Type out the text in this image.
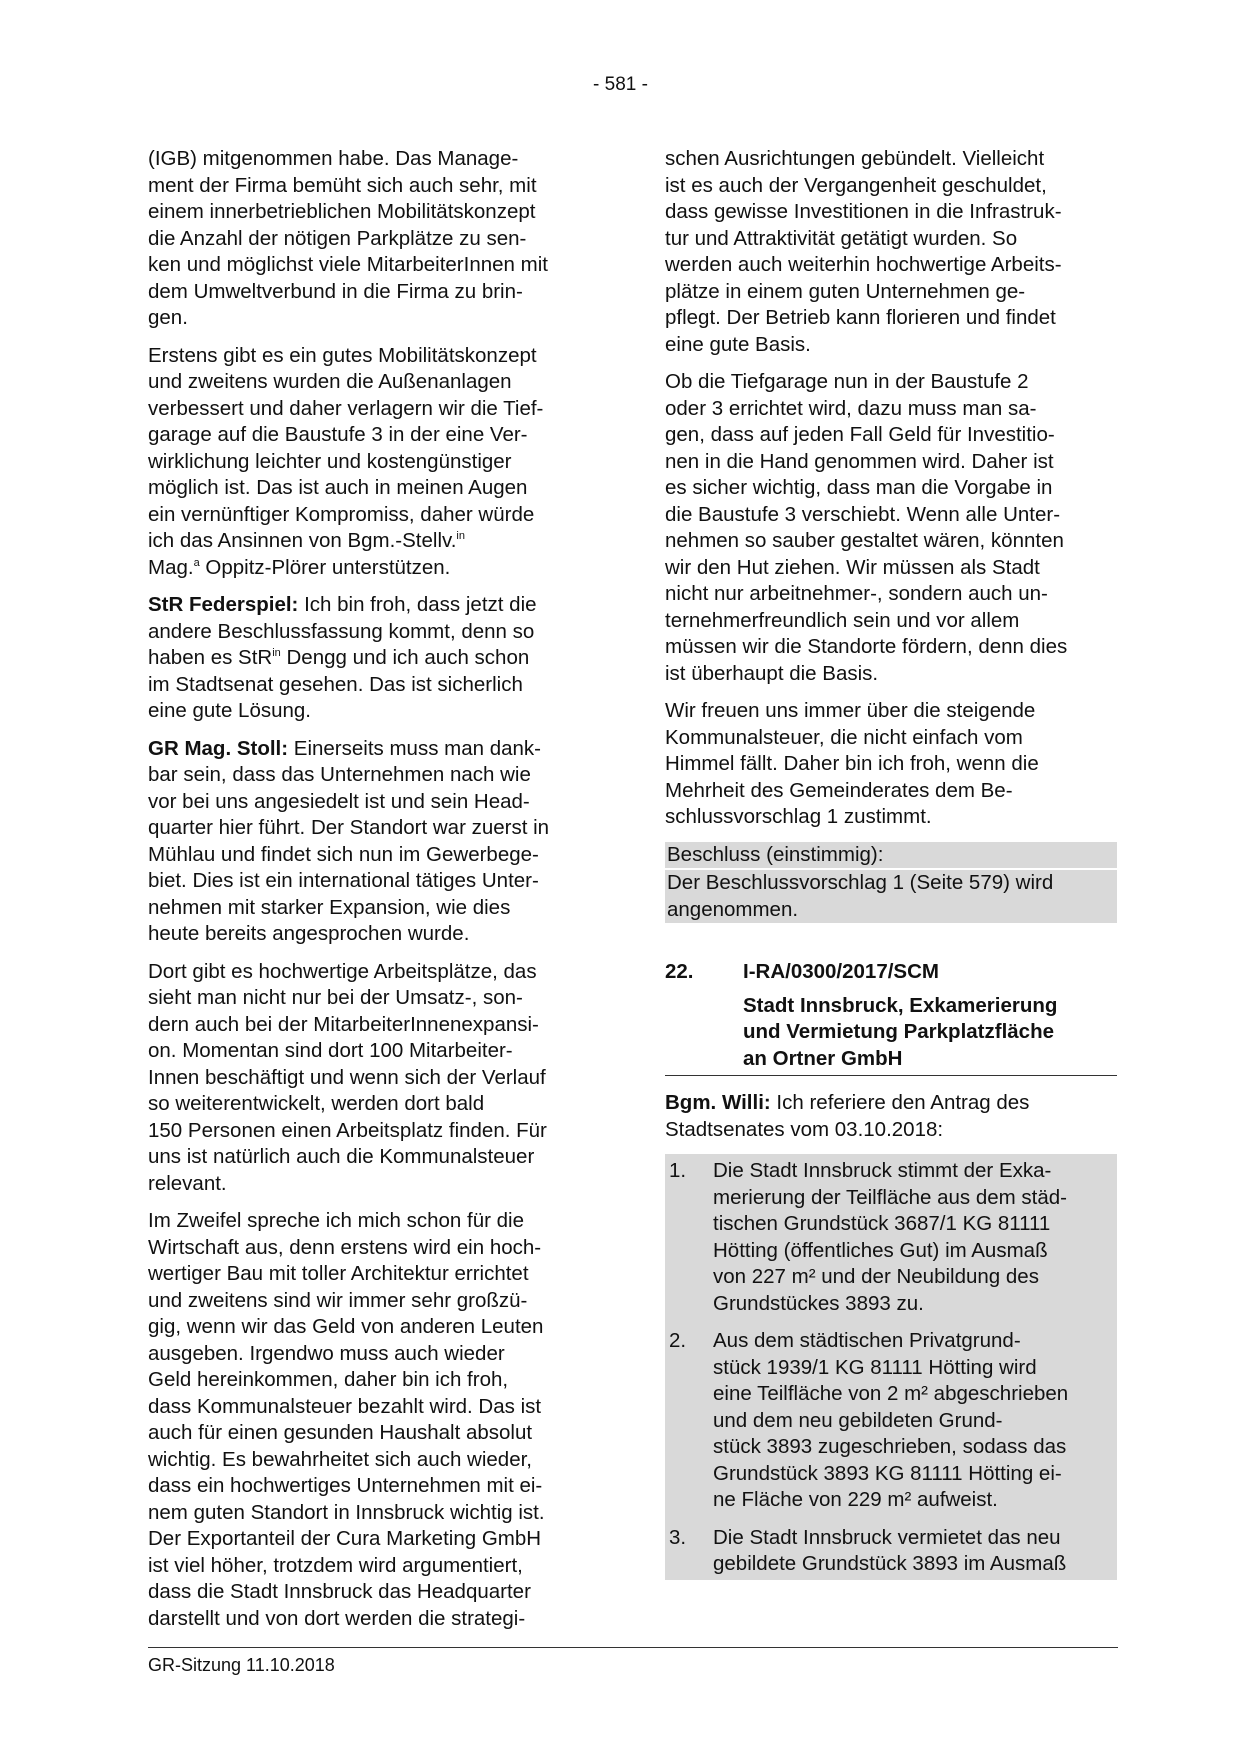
- 581 -
(IGB) mitgenommen habe. Das Manage-
ment der Firma bemüht sich auch sehr, mit
einem innerbetrieblichen Mobilitätskonzept
die Anzahl der nötigen Parkplätze zu sen-
ken und möglichst viele MitarbeiterInnen mit
dem Umweltverbund in die Firma zu brin-
gen.
Erstens gibt es ein gutes Mobilitätskonzept
und zweitens wurden die Außenanlagen
verbessert und daher verlagern wir die Tief-
garage auf die Baustufe 3 in der eine Ver-
wirklichung leichter und kostengünstiger
möglich ist. Das ist auch in meinen Augen
ein vernünftiger Kompromiss, daher würde
ich das Ansinnen von Bgm.-Stellv.$^{in}$
Mag.$^a$ Oppitz-Plörer unterstützen.
StR Federspiel: Ich bin froh, dass jetzt die
andere Beschlussfassung kommt, denn so
haben es StR$^{in}$ Dengg und ich auch schon
im Stadtsenat gesehen. Das ist sicherlich
eine gute Lösung.
GR Mag. Stoll: Einerseits muss man dank-
bar sein, dass das Unternehmen nach wie
vor bei uns angesiedelt ist und sein Head-
quarter hier führt. Der Standort war zuerst in
Mühlau und findet sich nun im Gewerbege-
biet. Dies ist ein international tätiges Unter-
nehmen mit starker Expansion, wie dies
heute bereits angesprochen wurde.
Dort gibt es hochwertige Arbeitsplätze, das
sieht man nicht nur bei der Umsatz-, son-
dern auch bei der MitarbeiterInnenexpansi-
on. Momentan sind dort 100 Mitarbeiter-
Innen beschäftigt und wenn sich der Verlauf
so weiterentwickelt, werden dort bald
150 Personen einen Arbeitsplatz finden. Für
uns ist natürlich auch die Kommunalsteuer
relevant.
Im Zweifel spreche ich mich schon für die
Wirtschaft aus, denn erstens wird ein hoch-
wertiger Bau mit toller Architektur errichtet
und zweitens sind wir immer sehr großzü-
gig, wenn wir das Geld von anderen Leuten
ausgeben. Irgendwo muss auch wieder
Geld hereinkommen, daher bin ich froh,
dass Kommunalsteuer bezahlt wird. Das ist
auch für einen gesunden Haushalt absolut
wichtig. Es bewahrheitet sich auch wieder,
dass ein hochwertiges Unternehmen mit ei-
nem guten Standort in Innsbruck wichtig ist.
Der Exportanteil der Cura Marketing GmbH
ist viel höher, trotzdem wird argumentiert,
dass die Stadt Innsbruck das Headquarter
darstellt und von dort werden die strategi-
schen Ausrichtungen gebündelt. Vielleicht
ist es auch der Vergangenheit geschuldet,
dass gewisse Investitionen in die Infrastruk-
tur und Attraktivität getätigt wurden. So
werden auch weiterhin hochwertige Arbeits-
plätze in einem guten Unternehmen ge-
pflegt. Der Betrieb kann florieren und findet
eine gute Basis.
Ob die Tiefgarage nun in der Baustufe 2
oder 3 errichtet wird, dazu muss man sa-
gen, dass auf jeden Fall Geld für Investitio-
nen in die Hand genommen wird. Daher ist
es sicher wichtig, dass man die Vorgabe in
die Baustufe 3 verschiebt. Wenn alle Unter-
nehmen so sauber gestaltet wären, könnten
wir den Hut ziehen. Wir müssen als Stadt
nicht nur arbeitnehmer-, sondern auch un-
ternehmerfreundlich sein und vor allem
müssen wir die Standorte fördern, denn dies
ist überhaupt die Basis.
Wir freuen uns immer über die steigende
Kommunalsteuer, die nicht einfach vom
Himmel fällt. Daher bin ich froh, wenn die
Mehrheit des Gemeinderates dem Be-
schlussvorschlag 1 zustimmt.
Beschluss (einstimmig):
Der Beschlussvorschlag 1 (Seite 579) wird
angenommen.
22.	I-RA/0300/2017/SCM
Stadt Innsbruck, Exkamerierung
und Vermietung Parkplatzfläche
an Ortner GmbH
Bgm. Willi: Ich referiere den Antrag des
Stadtsenates vom 03.10.2018:
1.	Die Stadt Innsbruck stimmt der Exka-
merierung der Teilfläche aus dem städ-
tischen Grundstück 3687/1 KG 81111
Hötting (öffentliches Gut) im Ausmaß
von 227 m² und der Neubildung des
Grundstückes 3893 zu.
2.	Aus dem städtischen Privatgrund-
stück 1939/1 KG 81111 Hötting wird
eine Teilfläche von 2 m² abgeschrieben
und dem neu gebildeten Grund-
stück 3893 zugeschrieben, sodass das
Grundstück 3893 KG 81111 Hötting ei-
ne Fläche von 229 m² aufweist.
3.	Die Stadt Innsbruck vermietet das neu
gebildete Grundstück 3893 im Ausmaß
GR-Sitzung 11.10.2018
